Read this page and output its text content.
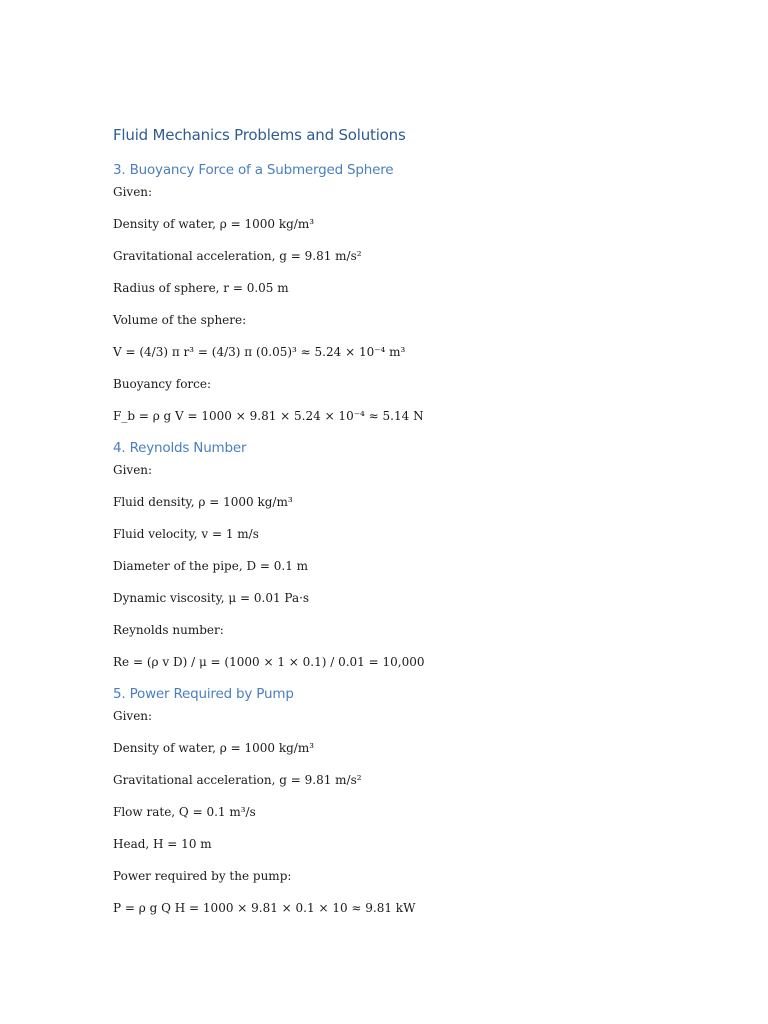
Fluid Mechanics Problems and Solutions
3. Buoyancy Force of a Submerged Sphere

Given:

Density of water, ρ = 1000 kg/m³

Gravitational acceleration, g = 9.81 m/s²

Radius of sphere, r = 0.05 m

Volume of the sphere:

V = (4/3) π r³ = (4/3) π (0.05)³ ≈ 5.24 × 10⁻⁴ m³

Buoyancy force:

F_b = ρ g V = 1000 × 9.81 × 5.24 × 10⁻⁴ ≈ 5.14 N

4. Reynolds Number

Given:

Fluid density, ρ = 1000 kg/m³

Fluid velocity, v = 1 m/s

Diameter of the pipe, D = 0.1 m

Dynamic viscosity, μ = 0.01 Pa·s

Reynolds number:

Re = (ρ v D) / μ = (1000 × 1 × 0.1) / 0.01 = 10,000

5. Power Required by Pump

Given:

Density of water, ρ = 1000 kg/m³

Gravitational acceleration, g = 9.81 m/s²

Flow rate, Q = 0.1 m³/s

Head, H = 10 m

Power required by the pump:

P = ρ g Q H = 1000 × 9.81 × 0.1 × 10 ≈ 9.81 kW
